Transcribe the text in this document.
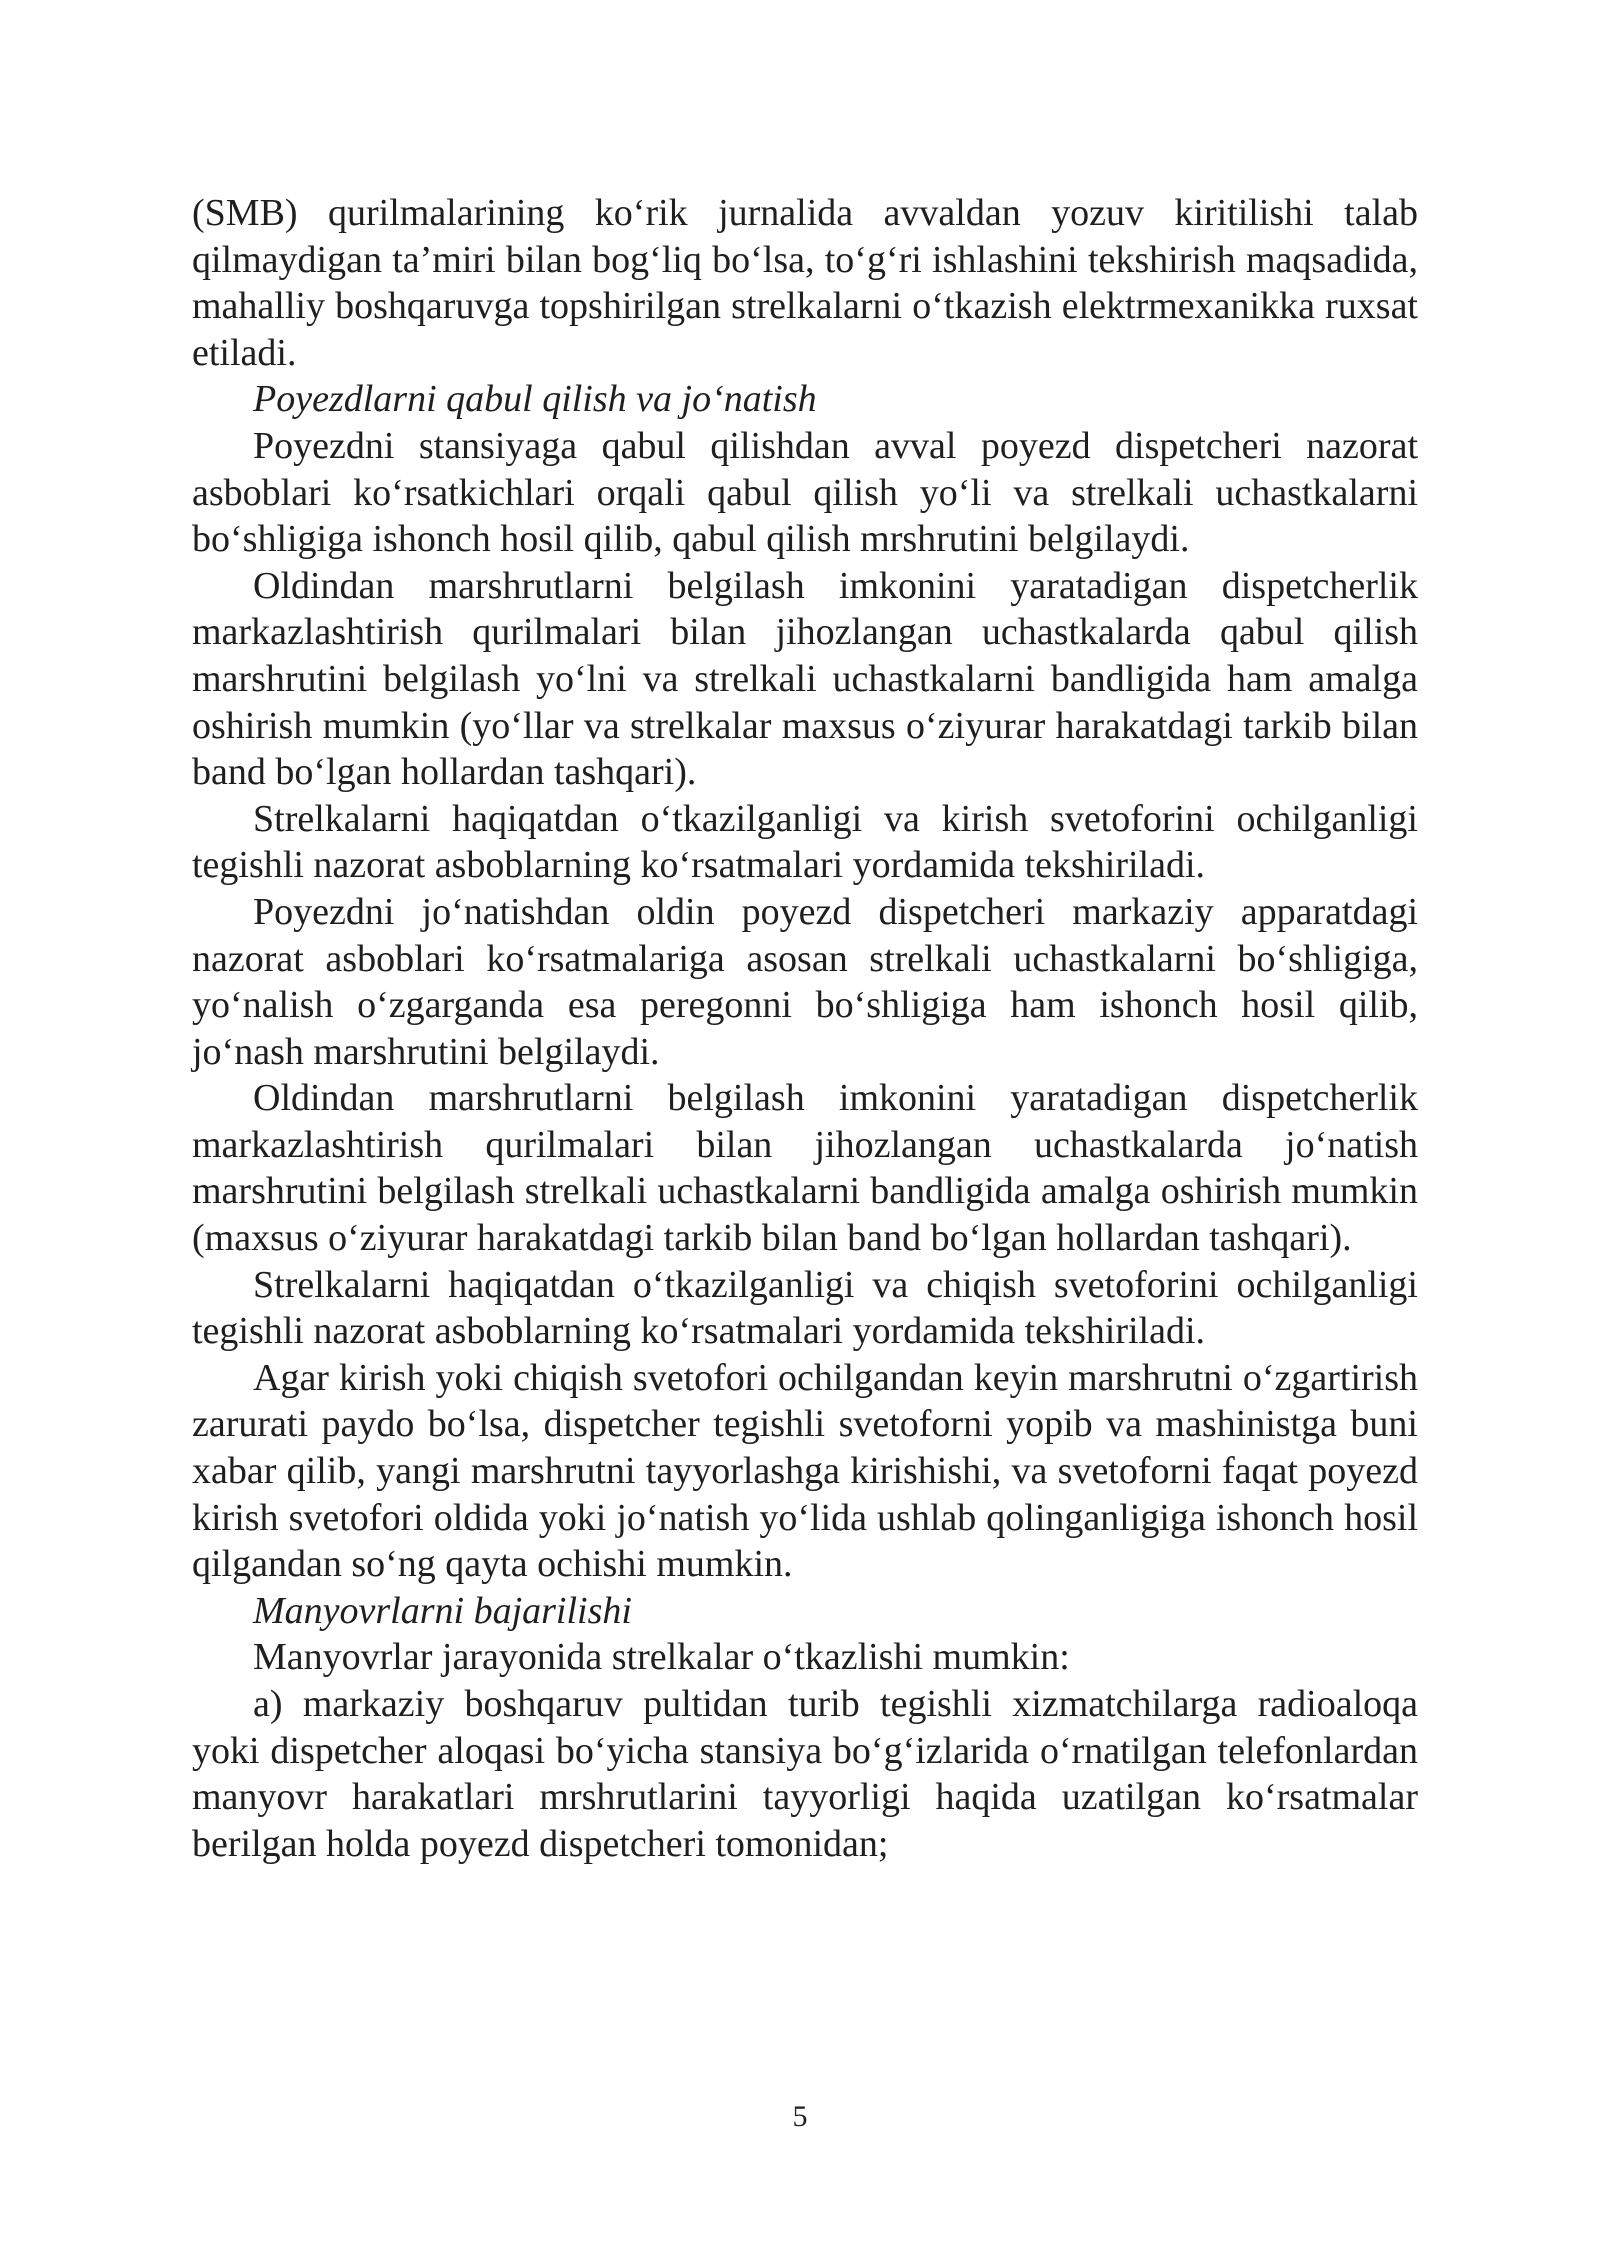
(SMB) qurilmalarining ko‘rik jurnalida avvaldan yozuv kiritilishi talab qilmaydigan ta’miri bilan bog‘liq bo‘lsa, to‘g‘ri ishlashini tekshirish maqsadida, mahalliy boshqaruvga topshirilgan strelkalarni o‘tkazish elektrmexanikka ruxsat etiladi.

Poyezdlarni qabul qilish va jo‘natish

Poyezdni stansiyaga qabul qilishdan avval poyezd dispetcheri nazorat asboblari ko‘rsatkichlari orqali qabul qilish yo‘li va strelkali uchastkalarni bo‘shligiga ishonch hosil qilib, qabul qilish mrshrutini belgilaydi.

Oldindan marshrutlarni belgilash imkonini yaratadigan dispetcherlik markazlashtirish qurilmalari bilan jihozlangan uchastkalarda qabul qilish marshrutini belgilash yo‘lni va strelkali uchastkalarni bandligida ham amalga oshirish mumkin (yo‘llar va strelkalar maxsus o‘ziyurar harakatdagi tarkib bilan band bo‘lgan hollardan tashqari).

Strelkalarni haqiqatdan o‘tkazilganligi va kirish svetoforini ochilganligi tegishli nazorat asboblarning ko‘rsatmalari yordamida tekshiriladi.

Poyezdni jo‘natishdan oldin poyezd dispetcheri markaziy apparatdagi nazorat asboblari ko‘rsatmalariga asosan strelkali uchastkalarni bo‘shligiga, yo‘nalish o‘zgarganda esa peregonni bo‘shligiga ham ishonch hosil qilib, jo‘nash marshrutini belgilaydi.

Oldindan marshrutlarni belgilash imkonini yaratadigan dispetcherlik markazlashtirish qurilmalari bilan jihozlangan uchastkalarda jo‘natish marshrutini belgilash strelkali uchastkalarni bandligida amalga oshirish mumkin (maxsus o‘ziyurar harakatdagi tarkib bilan band bo‘lgan hollardan tashqari).

Strelkalarni haqiqatdan o‘tkazilganligi va chiqish svetoforini ochilganligi tegishli nazorat asboblarning ko‘rsatmalari yordamida tekshiriladi.

Agar kirish yoki chiqish svetofori ochilgandan keyin marshrutni o‘zgartirish zarurati paydo bo‘lsa, dispetcher tegishli svetoforni yopib va mashinistga buni xabar qilib, yangi marshrutni tayyorlashga kirishishi, va svetoforni faqat poyezd kirish svetofori oldida yoki jo‘natish yo‘lida ushlab qolinganligiga ishonch hosil qilgandan so‘ng qayta ochishi mumkin.

Manyovrlarni bajarilishi

Manyovrlar jarayonida strelkalar o‘tkazlishi mumkin:

a) markaziy boshqaruv pultidan turib tegishli xizmatchilarga radioaloqa yoki dispetcher aloqasi bo‘yicha stansiya bo‘g‘izlarida o‘rnatilgan telefonlardan manyovr harakatlari mrshrutlarini tayyorligi haqida uzatilgan ko‘rsatmalar berilgan holda poyezd dispetcheri tomonidan;

5
